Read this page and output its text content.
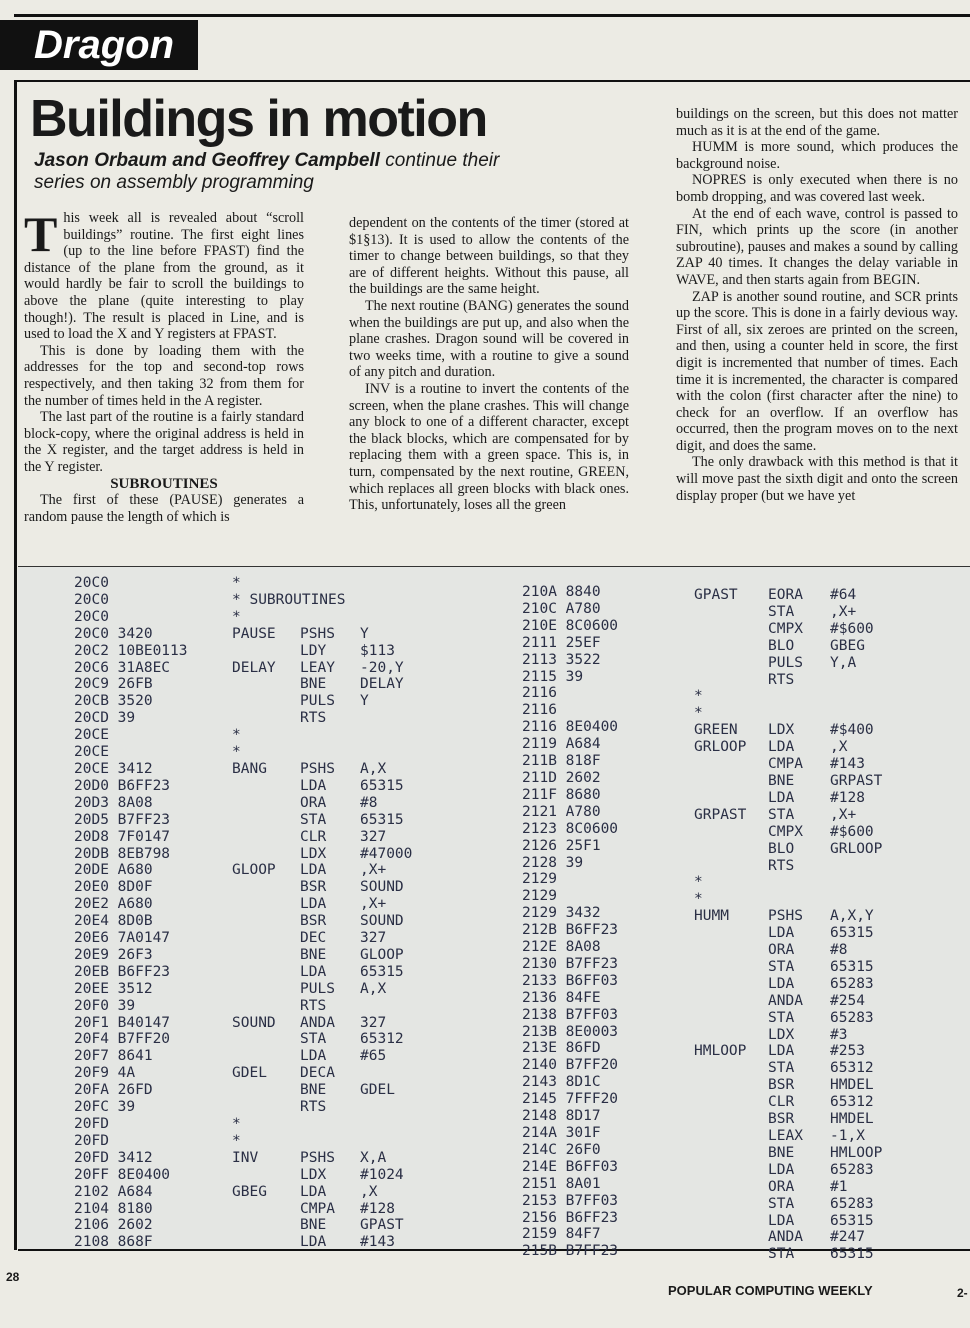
Dragon
Buildings in motion
Jason Orbaum and Geoffrey Campbell continue their series on assembly programming

This week all is revealed about “scroll buildings” routine. The first eight lines (up to the line before FPAST) find the distance of the plane from the ground, as it would hardly be fair to scroll the buildings to above the plane (quite interesting to play though!). The result is placed in Line, and is used to load the X and Y registers at FPAST.

This is done by loading them with the addresses for the top and second-top rows respectively, and then taking 32 from them for the number of times held in the A register.

The last part of the routine is a fairly standard block-copy, where the original address is held in the X register, and the target address is held in the Y register.

SUBROUTINES

The first of these (PAUSE) generates a random pause the length of which is

dependent on the contents of the timer (stored at $1§13). It is used to allow the contents of the timer to change between buildings, so that they are of different heights. Without this pause, all the buildings are the same height.

The next routine (BANG) generates the sound when the buildings are put up, and also when the plane crashes. Dragon sound will be covered in two weeks time, with a routine to give a sound of any pitch and duration.

INV is a routine to invert the contents of the screen, when the plane crashes. This will change any block to one of a different character, except the black blocks, which are compensated for by replacing them with a green space. This is, in turn, compensated by the next routine, GREEN, which replaces all green blocks with black ones. This, unfortunately, loses all the green

buildings on the screen, but this does not matter much as it is at the end of the game.

HUMM is more sound, which produces the background noise.

NOPRES is only executed when there is no bomb dropping, and was covered last week.

At the end of each wave, control is passed to FIN, which prints up the score (in another subroutine), pauses and makes a sound by calling ZAP 40 times. It changes the delay variable in WAVE, and then starts again from BEGIN.

ZAP is another sound routine, and SCR prints up the score. This is done in a fairly devious way. First of all, six zeroes are printed on the screen, and then, using a counter held in score, the first digit is incremented that number of times. Each time it is incremented, the character is compared with the colon (first character after the nine) to check for an overflow. If an overflow has occurred, then the program moves on to the next digit, and does the same.

The only drawback with this method is that it will move past the sixth digit and onto the screen display proper (but we have yet

20C0
20C0
20C0
20C0 3420
20C2 10BE0113
20C6 31A8EC
20C9 26FB
20CB 3520
20CD 39
20CE
20CE
20CE 3412
20D0 B6FF23
20D3 8A08
20D5 B7FF23
20D8 7F0147
20DB 8EB798
20DE A680
20E0 8D0F
20E2 A680
20E4 8D0B
20E6 7A0147
20E9 26F3
20EB B6FF23
20EE 3512
20F0 39
20F1 B40147
20F4 B7FF20
20F7 8641
20F9 4A
20FA 26FD
20FC 39
20FD
20FD
20FD 3412
20FF 8E0400
2102 A684
2104 8180
2106 2602
2108 868F
*
* SUBROUTINES
*
PAUSE

DELAY

*
*
BANG

GLOOP

SOUND

GDEL

*
*
INV

GBEG

PSHS
LDY
LEAY
BNE
PULS
RTS

PSHS
LDA
ORA
STA
CLR
LDX
LDA
BSR
LDA
BSR
DEC
BNE
LDA
PULS
RTS
ANDA
STA
LDA
DECA
BNE
RTS

PSHS
LDX
LDA
CMPA
BNE
LDA

Y
$113
-20,Y
DELAY
Y

A,X
65315
#8
65315
327
#47000
,X+
SOUND
,X+
SOUND
327
GLOOP
65315
A,X

327
65312
#65

GDEL

X,A
#1024
,X
#128
GPAST
#143
210A 8840
210C A780
210E 8C0600
2111 25EF
2113 3522
2115 39
2116
2116
2116 8E0400
2119 A684
211B 818F
211D 2602
211F 8680
2121 A780
2123 8C0600
2126 25F1
2128 39
2129
2129
2129 3432
212B B6FF23
212E 8A08
2130 B7FF23
2133 B6FF03
2136 84FE
2138 B7FF03
213B 8E0003
213E 86FD
2140 B7FF20
2143 8D1C
2145 7FFF20
2148 8D17
214A 301F
214C 26F0
214E B6FF03
2151 8A01
2153 B7FF03
2156 B6FF23
2159 84F7
215B B7FF23
GPAST

*
*
GREEN
GRLOOP

GRPAST

*
*
HUMM

HMLOOP
EORA
STA
CMPX
BLO
PULS
RTS

LDX
LDA
CMPA
BNE
LDA
STA
CMPX
BLO
RTS

PSHS
LDA
ORA
STA
LDA
ANDA
STA
LDX
LDA
STA
BSR
CLR
BSR
LEAX
BNE
LDA
ORA
STA
LDA
ANDA
STA
#64
,X+
#$600
GBEG
Y,A

#$400
,X
#143
GRPAST
#128
,X+
#$600
GRLOOP

A,X,Y
65315
#8
65315
65283
#254
65283
#3
#253
65312
HMDEL
65312
HMDEL
-1,X
HMLOOP
65283
#1
65283
65315
#247
65315
28
POPULAR COMPUTING WEEKLY	2-
